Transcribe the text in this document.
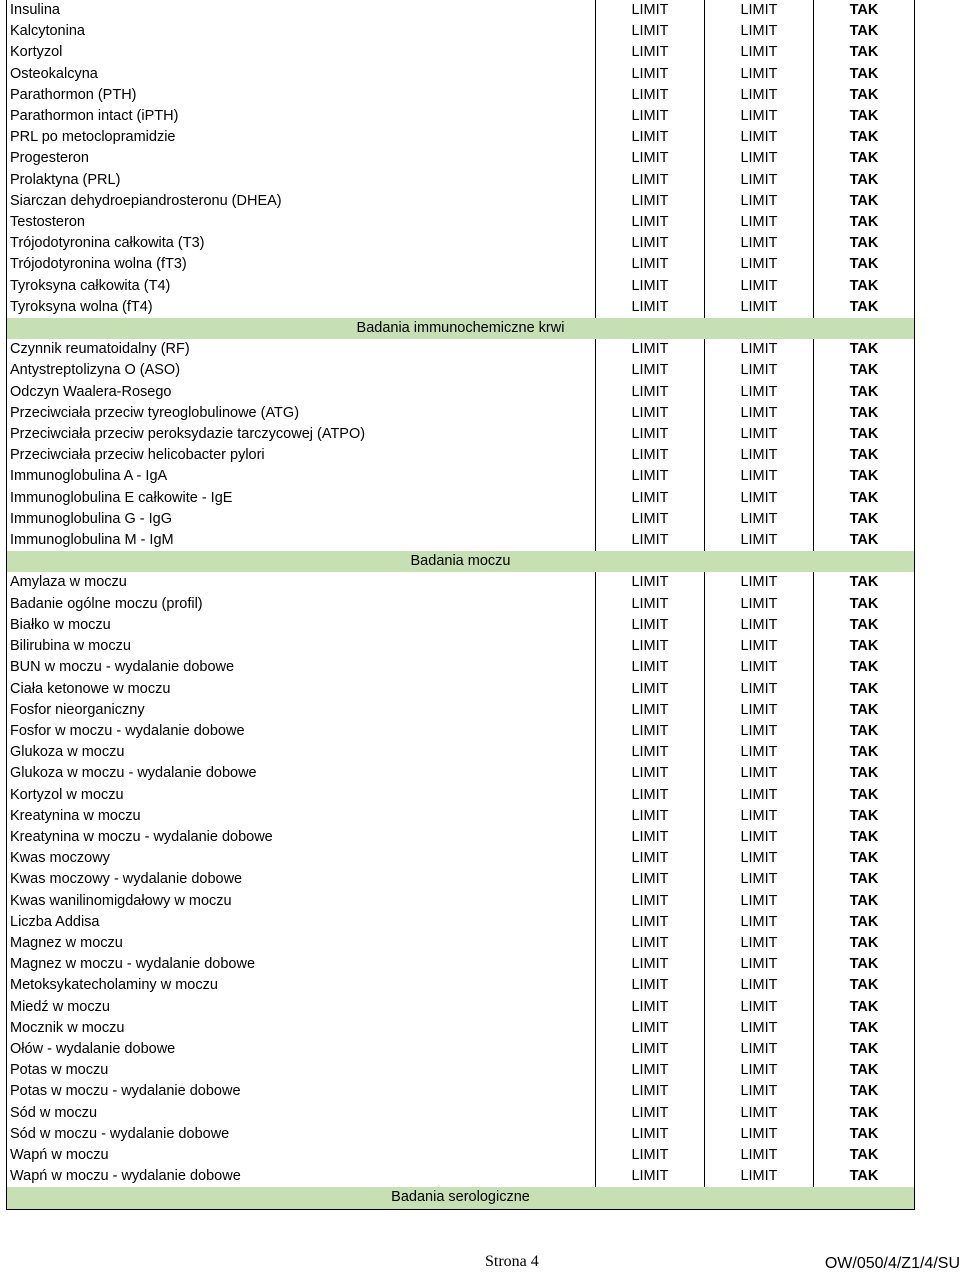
Insulina	LIMIT	LIMIT	TAK
Kalcytonina	LIMIT	LIMIT	TAK
Kortyzol	LIMIT	LIMIT	TAK
Osteokalcyna	LIMIT	LIMIT	TAK
Parathormon (PTH)	LIMIT	LIMIT	TAK
Parathormon intact (iPTH)	LIMIT	LIMIT	TAK
PRL po metoclopramidzie	LIMIT	LIMIT	TAK
Progesteron	LIMIT	LIMIT	TAK
Prolaktyna (PRL)	LIMIT	LIMIT	TAK
Siarczan dehydroepiandrosteronu (DHEA)	LIMIT	LIMIT	TAK
Testosteron	LIMIT	LIMIT	TAK
Trójodotyronina całkowita (T3)	LIMIT	LIMIT	TAK
Trójodotyronina wolna (fT3)	LIMIT	LIMIT	TAK
Tyroksyna całkowita (T4)	LIMIT	LIMIT	TAK
Tyroksyna wolna (fT4)	LIMIT	LIMIT	TAK
Badania immunochemiczne krwi			
Czynnik reumatoidalny (RF)	LIMIT	LIMIT	TAK
Antystreptolizyna O (ASO)	LIMIT	LIMIT	TAK
Odczyn Waalera-Rosego	LIMIT	LIMIT	TAK
Przeciwciała przeciw tyreoglobulinowe (ATG)	LIMIT	LIMIT	TAK
Przeciwciała przeciw peroksydazie tarczycowej (ATPO)	LIMIT	LIMIT	TAK
Przeciwciała przeciw helicobacter pylori	LIMIT	LIMIT	TAK
Immunoglobulina A - IgA	LIMIT	LIMIT	TAK
Immunoglobulina E całkowite - IgE	LIMIT	LIMIT	TAK
Immunoglobulina G - IgG	LIMIT	LIMIT	TAK
Immunoglobulina M - IgM	LIMIT	LIMIT	TAK
Badania moczu			
Amylaza w moczu	LIMIT	LIMIT	TAK
Badanie ogólne moczu (profil)	LIMIT	LIMIT	TAK
Białko w moczu	LIMIT	LIMIT	TAK
Bilirubina w moczu	LIMIT	LIMIT	TAK
BUN w moczu - wydalanie dobowe	LIMIT	LIMIT	TAK
Ciała ketonowe w moczu	LIMIT	LIMIT	TAK
Fosfor nieorganiczny	LIMIT	LIMIT	TAK
Fosfor w moczu - wydalanie dobowe	LIMIT	LIMIT	TAK
Glukoza w moczu	LIMIT	LIMIT	TAK
Glukoza w moczu - wydalanie dobowe	LIMIT	LIMIT	TAK
Kortyzol w moczu	LIMIT	LIMIT	TAK
Kreatynina w moczu	LIMIT	LIMIT	TAK
Kreatynina w moczu - wydalanie dobowe	LIMIT	LIMIT	TAK
Kwas moczowy	LIMIT	LIMIT	TAK
Kwas moczowy - wydalanie dobowe	LIMIT	LIMIT	TAK
Kwas wanilinomigdałowy w moczu	LIMIT	LIMIT	TAK
Liczba Addisa	LIMIT	LIMIT	TAK
Magnez w moczu	LIMIT	LIMIT	TAK
Magnez w moczu - wydalanie dobowe	LIMIT	LIMIT	TAK
Metoksykatecholaminy w moczu	LIMIT	LIMIT	TAK
Miedź w moczu	LIMIT	LIMIT	TAK
Mocznik w moczu	LIMIT	LIMIT	TAK
Ołów - wydalanie dobowe	LIMIT	LIMIT	TAK
Potas w moczu	LIMIT	LIMIT	TAK
Potas w moczu - wydalanie dobowe	LIMIT	LIMIT	TAK
Sód w moczu	LIMIT	LIMIT	TAK
Sód w moczu - wydalanie dobowe	LIMIT	LIMIT	TAK
Wapń w moczu	LIMIT	LIMIT	TAK
Wapń w moczu - wydalanie dobowe	LIMIT	LIMIT	TAK
Badania serologiczne			
Strona 4	OW/050/4/Z1/4/SU
